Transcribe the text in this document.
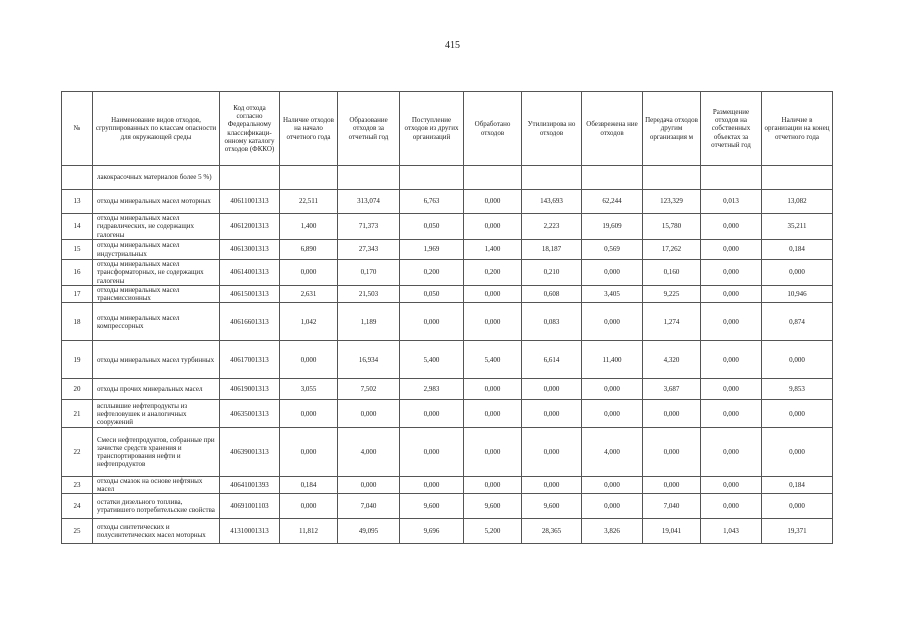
415
№	Наименование видов отходов, сгруппированных по классам опасности для окружающей среды	Код отхода согласно Федеральному классификаци-онному каталогу отходов (ФККО)	Наличие отходов на начало отчетного года	Образование отходов за отчетный год	Поступление отходов из других организаций	Обработано отходов	Утилизирова но отходов	Обезврежена ние отходов	Передача отходов другим организация м	Размещение отходов на собственных объектах за отчетный год	Наличие в организации на конец отчетного года
	лакокрасочных материалов более 5 %)										
13	отходы минеральных масел моторных	40611001313	22,511	313,074	6,763	0,000	143,693	62,244	123,329	0,013	13,082
14	отходы минеральных масел гидравлических, не содержащих галогены	40612001313	1,400	71,373	0,050	0,000	2,223	19,609	15,780	0,000	35,211
15	отходы минеральных масел индустриальных	40613001313	6,890	27,343	1,969	1,400	18,187	0,569	17,262	0,000	0,184
16	отходы минеральных масел трансформаторных, не содержащих галогены	40614001313	0,000	0,170	0,200	0,200	0,210	0,000	0,160	0,000	0,000
17	отходы минеральных масел трансмиссионных	40615001313	2,631	21,503	0,050	0,000	0,608	3,405	9,225	0,000	10,946
18	отходы минеральных масел компрессорных	40616601313	1,042	1,189	0,000	0,000	0,083	0,000	1,274	0,000	0,874
19	отходы минеральных масел турбинных	40617001313	0,000	16,934	5,400	5,400	6,614	11,400	4,320	0,000	0,000
20	отходы прочих минеральных масел	40619001313	3,055	7,502	2,983	0,000	0,000	0,000	3,687	0,000	9,853
21	всплывшие нефтепродукты из нефтеловушек и аналогичных сооружений	40635001313	0,000	0,000	0,000	0,000	0,000	0,000	0,000	0,000	0,000
22	Смеси нефтепродуктов, собранные при зачистке средств хранения и транспортирования нефти и нефтепродуктов	40639001313	0,000	4,000	0,000	0,000	0,000	4,000	0,000	0,000	0,000
23	отходы смазок на основе нефтяных масел	40641001393	0,184	0,000	0,000	0,000	0,000	0,000	0,000	0,000	0,184
24	остатки дизельного топлива, утратившего потребительские свойства	40691001103	0,000	7,040	9,600	9,600	9,600	0,000	7,040	0,000	0,000
25	отходы синтетических и полусинтетических масел моторных	41310001313	11,812	49,095	9,696	5,200	28,365	3,826	19,041	1,043	19,371
